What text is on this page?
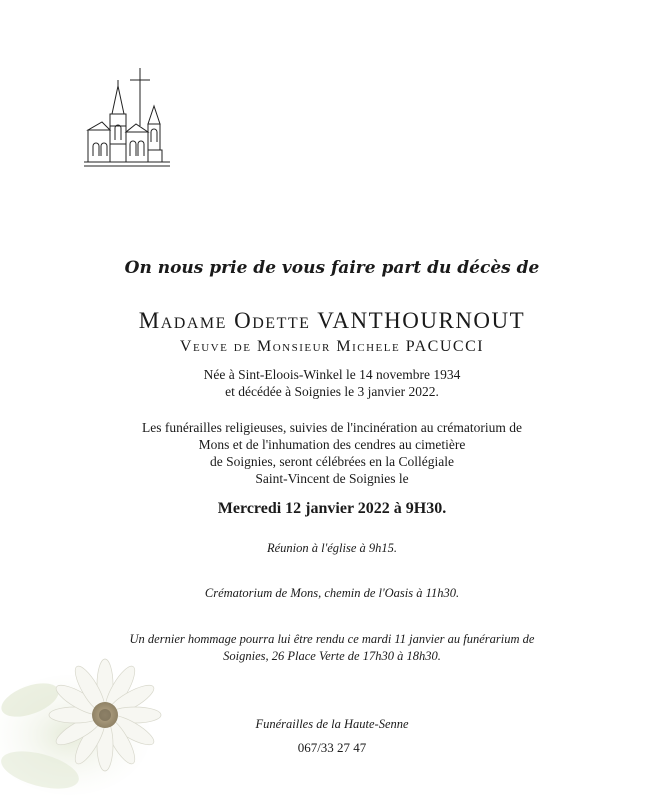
On nous prie de vous faire part du décès de
Madame Odette VANTHOURNOUT
Veuve de Monsieur Michele PACUCCI
Née à Sint-Eloois-Winkel le 14 novembre 1934
et décédée à Soignies le 3 janvier 2022.
Les funérailles religieuses, suivies de l'incinération au crématorium de
Mons et de l'inhumation des cendres au cimetière
de Soignies, seront célébrées en la Collégiale
Saint-Vincent de Soignies le
Mercredi 12 janvier 2022 à 9H30.
Réunion à l'église à 9h15.
Crématorium de Mons, chemin de l'Oasis à 11h30.
Un dernier hommage pourra lui être rendu ce mardi 11 janvier au funérarium de
Soignies, 26 Place Verte de 17h30 à 18h30.
Funérailles de la Haute-Senne
067/33 27 47
